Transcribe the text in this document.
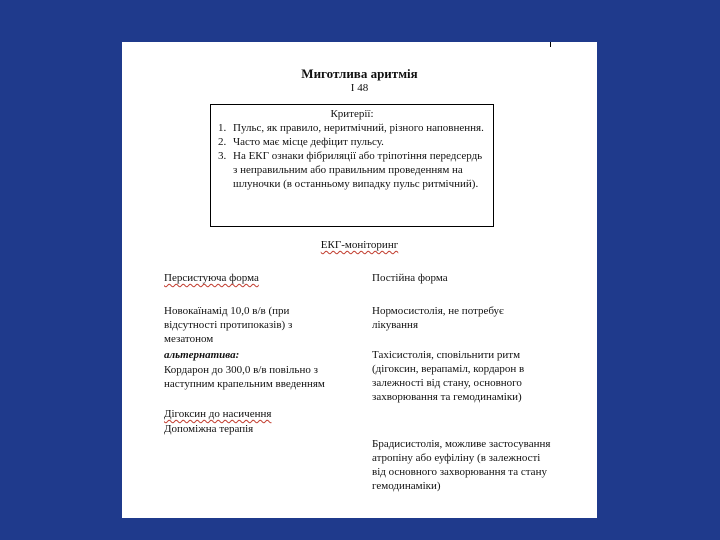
Миготлива аритмія
I 48
Критерії:
1. Пульс, як правило, неритмічний, різного наповнення.
2. Часто має місце дефіцит пульсу.
3. На ЕКГ ознаки фібриляції або тріпотіння передсердь з неправильним або правильним проведенням на шлуночки (в останньому випадку пульс ритмічний).
ЕКГ-моніторинг
Персистуюча форма
Новокаїнамід 10,0 в/в (при відсутності протипоказів) з мезатоном
альтернатива:
Кордарон до 300,0 в/в повільно з наступним крапельним введенням
Дігоксин до насичення
Допоміжна терапія
Постійна форма
Нормосистолія, не потребує лікування
Тахісистолія, сповільнити ритм (дігоксин, верапаміл, кордарон в залежності від стану, основного захворювання та гемодинаміки)
Брадисистолія, можливе застосування атропіну або еуфіліну (в залежності від основного захворювання та стану гемодинаміки)
